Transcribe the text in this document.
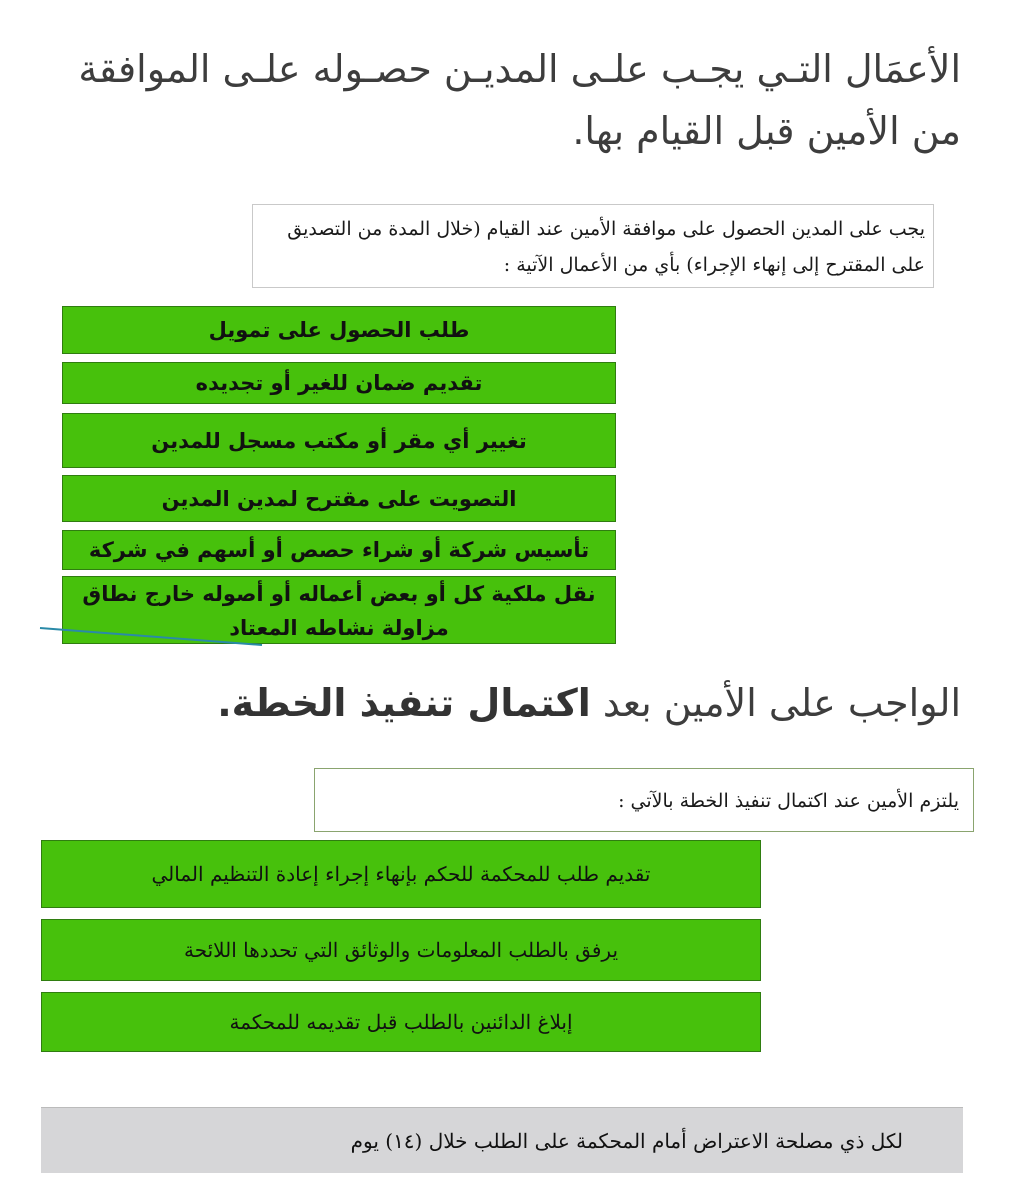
الأعمَال التـي يجـب علـى المديـن حصـوله علـى الموافقة من الأمين قبل القيام بها.
يجب على المدين الحصول على موافقة الأمين عند القيام (خلال المدة من التصديق على المقترح إلى إنهاء الإجراء) بأي من الأعمال الآتية :
طلب الحصول على تمويل
تقديم ضمان للغير أو تجديده
تغيير أي مقر أو مكتب مسجل للمدين
التصويت على مقترح لمدين المدين
تأسيس شركة أو شراء حصص أو أسهم في شركة
نقل ملكية كل أو بعض أعماله أو أصوله خارج نطاق مزاولة نشاطه المعتاد
الواجب على الأمين بعد اكتمال تنفيذ الخطة.
يلتزم الأمين عند اكتمال تنفيذ الخطة بالآتي :
تقديم طلب للمحكمة للحكم بإنهاء إجراء إعادة التنظيم المالي
يرفق بالطلب المعلومات والوثائق التي تحددها اللائحة
إبلاغ الدائنين بالطلب قبل تقديمه للمحكمة
لكل ذي مصلحة الاعتراض أمام المحكمة على الطلب خلال (١٤) يوم
